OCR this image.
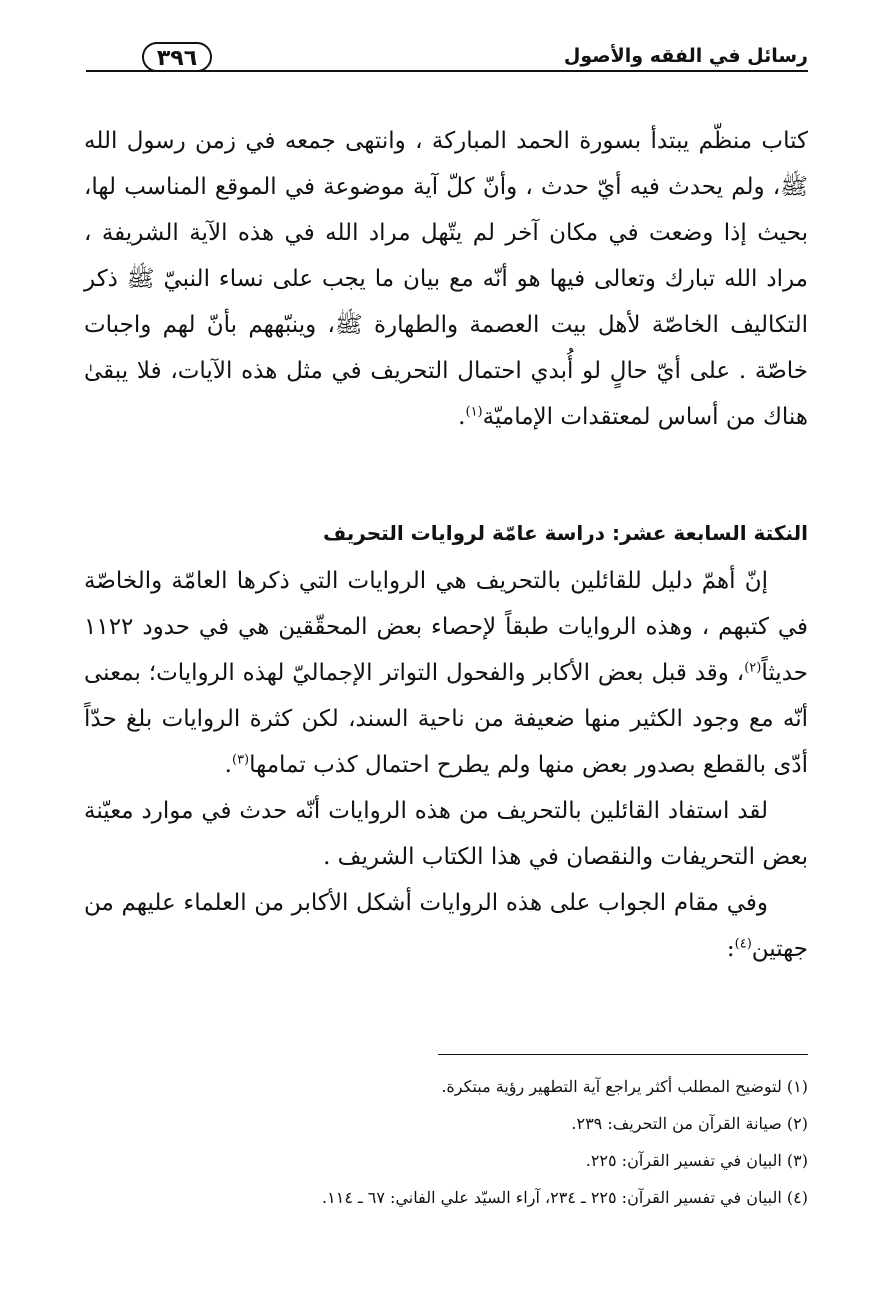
رسائل في الفقه والأصول
٣٩٦

كتاب منظّم يبتدأ بسورة الحمد المباركة ، وانتهى جمعه في زمن رسول الله ﷺ، ولم يحدث فيه أيّ حدث ، وأنّ كلّ آية موضوعة في الموقع المناسب لها، بحيث إذا وضعت في مكان آخر لم يتّهل مراد الله في هذه الآية الشريفة ، مراد الله تبارك وتعالى فيها هو أنّه مع بيان ما يجب على نساء النبيّ ﷺ ذكر التكاليف الخاصّة لأهل بيت العصمة والطهارة ﷺ، وينبّههم بأنّ لهم واجبات خاصّة . على أيّ حالٍ لو أُبدي احتمال التحريف في مثل هذه الآيات، فلا يبقىٰ هناك من أساس لمعتقدات الإماميّة$^{(١)}$.

النكتة السابعة عشر: دراسة عامّة لروايات التحريف

إنّ أهمّ دليل للقائلين بالتحريف هي الروايات التي ذكرها العامّة والخاصّة في كتبهم ، وهذه الروايات طبقاً لإحصاء بعض المحقّقين هي في حدود ١١٢٢ حديثاً$^{(٢)}$، وقد قبل بعض الأكابر والفحول التواتر الإجماليّ لهذه الروايات؛ بمعنى أنّه مع وجود الكثير منها ضعيفة من ناحية السند، لكن كثرة الروايات بلغ حدّاً أدّى بالقطع بصدور بعض منها ولم يطرح احتمال كذب تمامها$^{(٣)}$.

لقد استفاد القائلين بالتحريف من هذه الروايات أنّه حدث في موارد معيّنة بعض التحريفات والنقصان في هذا الكتاب الشريف .

وفي مقام الجواب على هذه الروايات أشكل الأكابر من العلماء عليهم من جهتين$^{(٤)}$:

(١) لتوضيح المطلب أكثر يراجع آية التطهير رؤية مبتكرة.
(٢) صيانة القرآن من التحريف: ٢٣٩.
(٣) البيان في تفسير القرآن: ٢٢٥.
(٤) البيان في تفسير القرآن: ٢٢٥ ـ ٢٣٤، آراء السيّد علي الفاني: ٦٧ ـ ١١٤.
